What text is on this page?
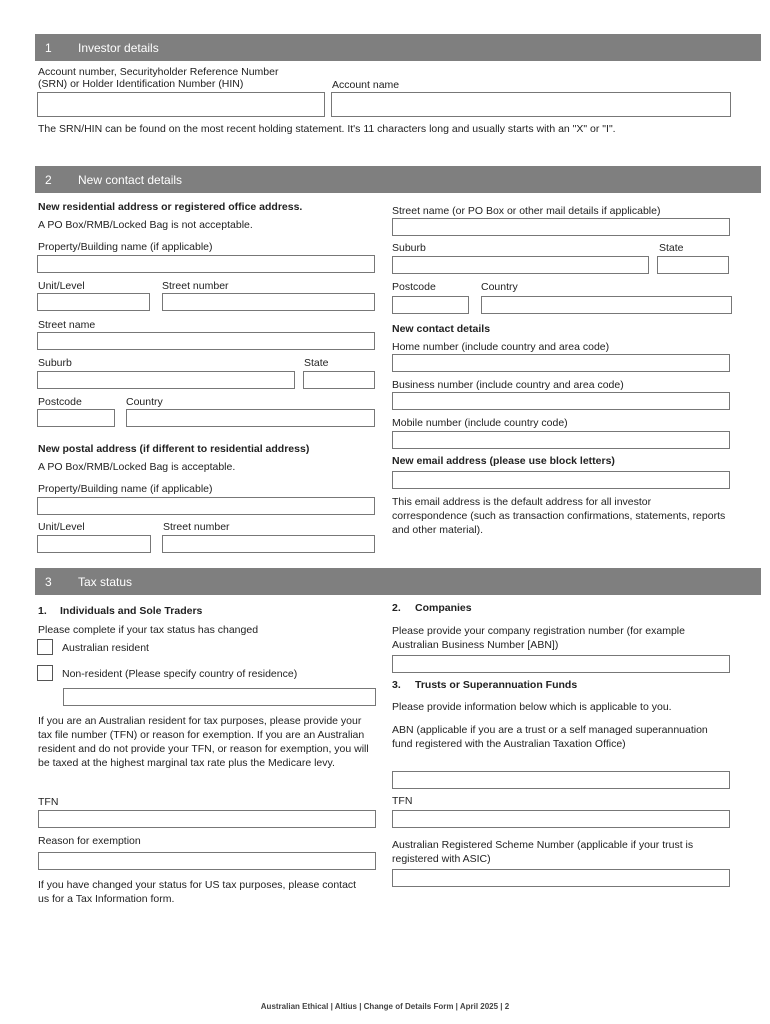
1 Investor details
Account number, Securityholder Reference Number
(SRN) or Holder Identification Number (HIN)	Account name
The SRN/HIN can be found on the most recent holding statement. It's 11 characters long and usually starts with an "X" or "I".
2 New contact details
New residential address or registered office address.
A PO Box/RMB/Locked Bag is not acceptable.
Property/Building name (if applicable)
Unit/Level	Street number
Street name
Suburb	State
Postcode	Country
New postal address (if different to residential address)
A PO Box/RMB/Locked Bag is acceptable.
Property/Building name (if applicable)
Unit/Level	Street number
Street name (or PO Box or other mail details if applicable)
Suburb	State
Postcode	Country
New contact details
Home number (include country and area code)
Business number (include country and area code)
Mobile number (include country code)
New email address (please use block letters)
This email address is the default address for all investor correspondence (such as transaction confirmations, statements, reports and other material).
3 Tax status
1. Individuals and Sole Traders
Please complete if your tax status has changed
Australian resident
Non-resident (Please specify country of residence)
If you are an Australian resident for tax purposes, please provide your tax file number (TFN) or reason for exemption. If you are an Australian resident and do not provide your TFN, or reason for exemption, you will be taxed at the highest marginal tax rate plus the Medicare levy.
TFN
Reason for exemption
If you have changed your status for US tax purposes, please contact us for a Tax Information form.
2. Companies
Please provide your company registration number (for example Australian Business Number [ABN])
3. Trusts or Superannuation Funds
Please provide information below which is applicable to you.
ABN (applicable if you are a trust or a self managed superannuation fund registered with the Australian Taxation Office)
TFN
Australian Registered Scheme Number (applicable if your trust is registered with ASIC)
Australian Ethical | Altius | Change of Details Form | April 2025 | 2
